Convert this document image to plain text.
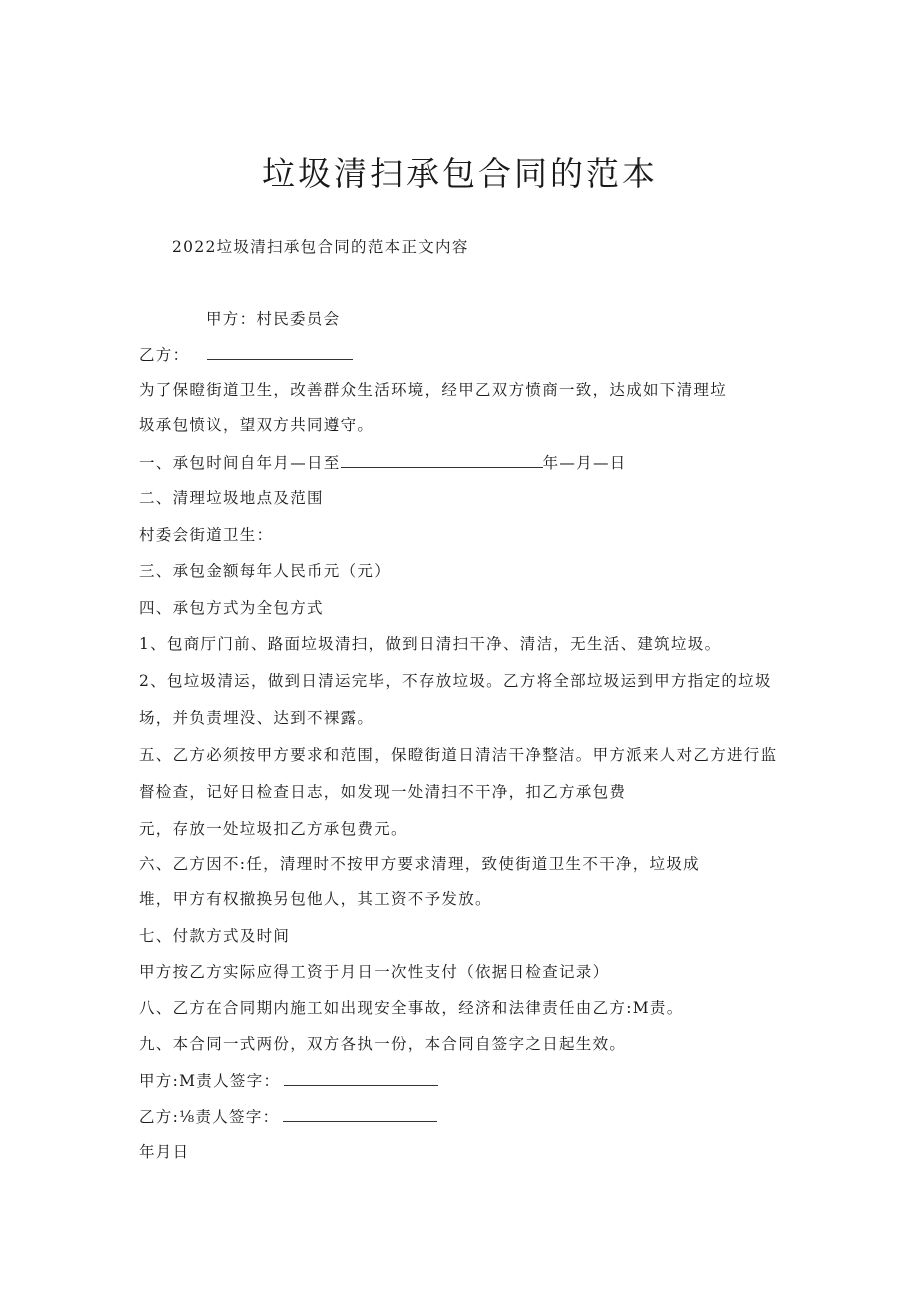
垃圾清扫承包合同的范本
2022垃圾清扫承包合同的范本正文内容
甲方：村民委员会
乙方：
为了保瞪街道卫生，改善群众生活环境，经甲乙双方愤商一致，达成如下清理垃
圾承包愤议，望双方共同遵守。
一、承包时间自年月—日至	年—月—日
二、清理垃圾地点及范围
村委会街道卫生：
三、承包金额每年人民币元（元）
四、承包方式为全包方式
1、包商厅门前、路面垃圾清扫，做到日清扫干净、清洁，无生活、建筑垃圾。
2、包垃圾清运，做到日清运完毕，不存放垃圾。乙方将全部垃圾运到甲方指定的垃圾
场，并负责埋没、达到不裸露。
五、乙方必须按甲方要求和范围，保瞪街道日清洁干净整洁。甲方派来人对乙方进行监
督检查，记好日检查日志，如发现一处清扫不干净，扣乙方承包费
元，存放一处垃圾扣乙方承包费元。
六、乙方因不:任，清理时不按甲方要求清理，致使街道卫生不干净，垃圾成
堆，甲方有权撤换另包他人，其工资不予发放。
七、付款方式及时间
甲方按乙方实际应得工资于月日一次性支付（依据日检查记录）
八、乙方在合同期内施工如出现安全事故，经济和法律责任由乙方:M责。
九、本合同一式两份，双方各执一份，本合同自签字之日起生效。
甲方:M责人签字：
乙方:⅛责人签字：
年月日
